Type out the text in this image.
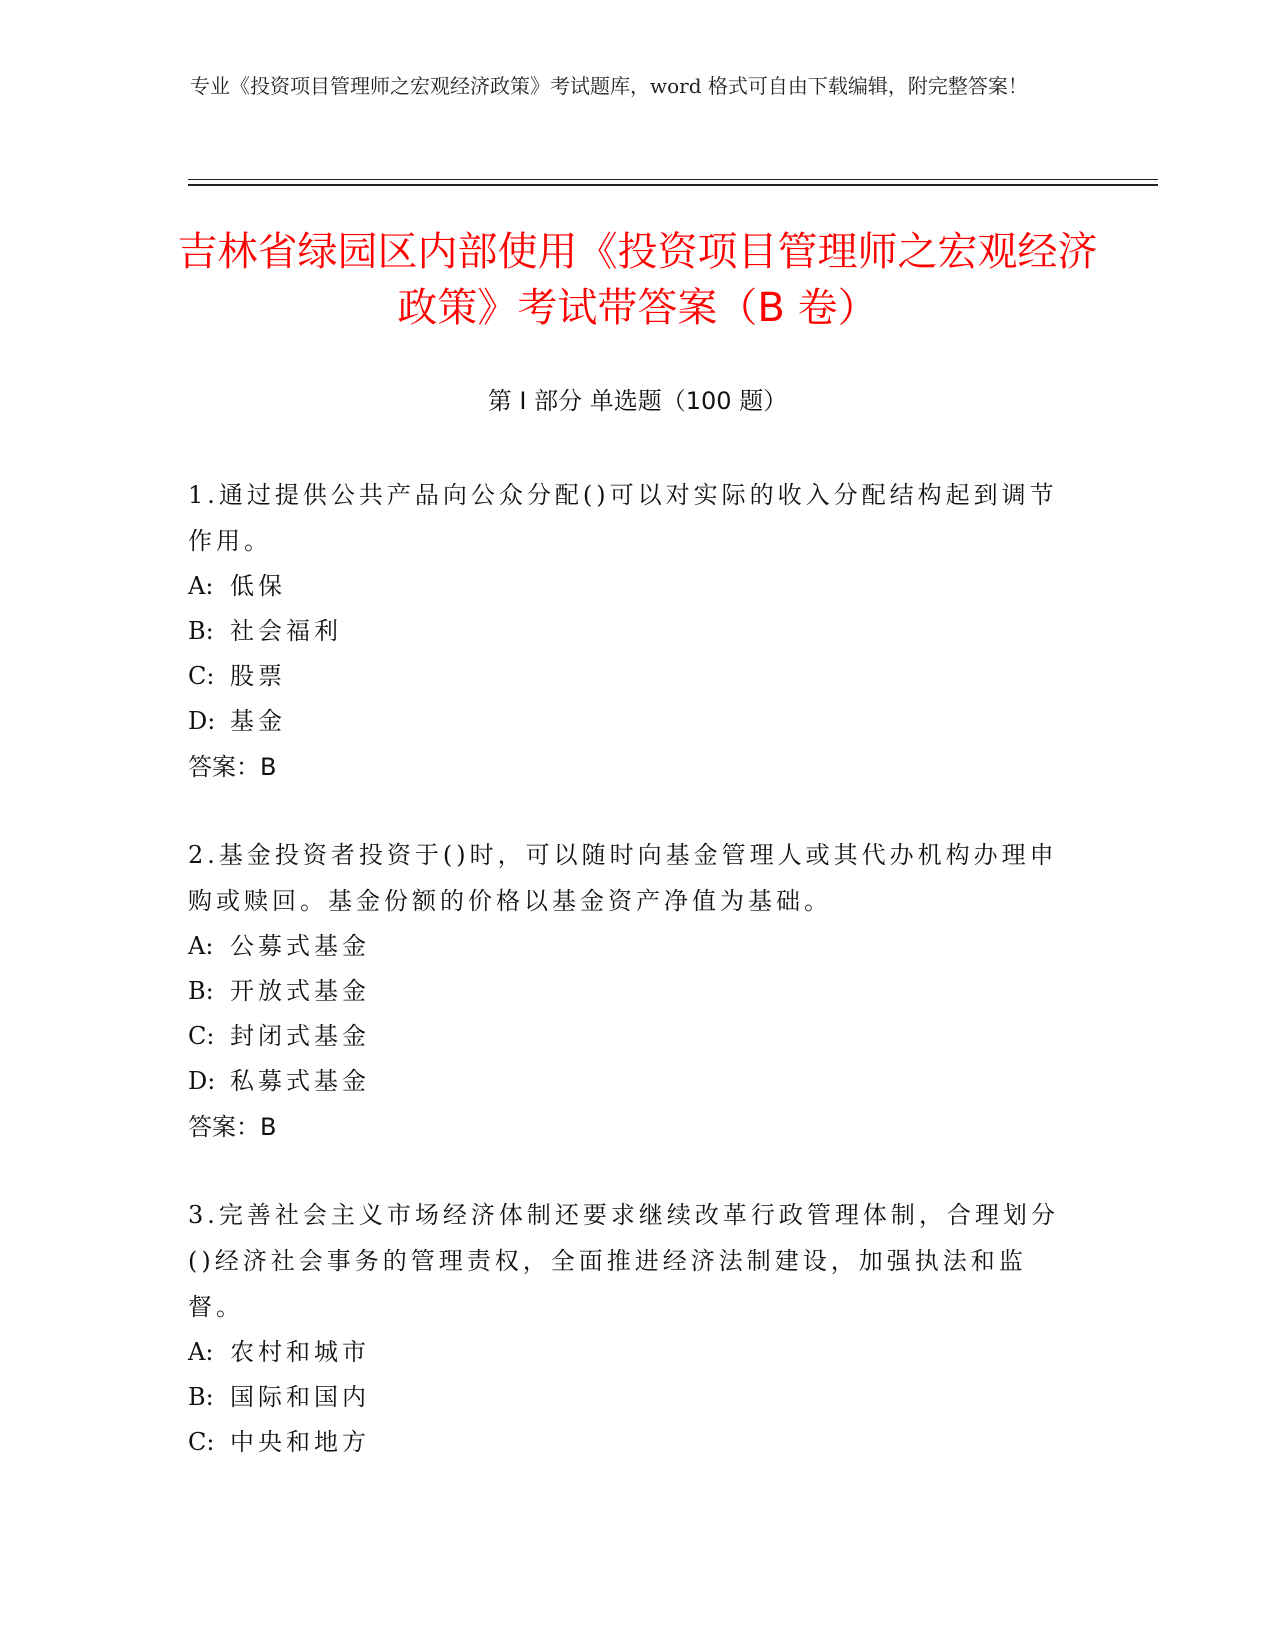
专业《投资项目管理师之宏观经济政策》考试题库，word 格式可自由下载编辑，附完整答案！
吉林省绿园区内部使用《投资项目管理师之宏观经济政策》考试带答案（B 卷）
第 I 部分 单选题（100 题）
1.通过提供公共产品向公众分配()可以对实际的收入分配结构起到调节作用。
A: 低保
B: 社会福利
C: 股票
D: 基金
答案：B
2.基金投资者投资于()时，可以随时向基金管理人或其代办机构办理申购或赎回。基金份额的价格以基金资产净值为基础。
A: 公募式基金
B: 开放式基金
C: 封闭式基金
D: 私募式基金
答案：B
3.完善社会主义市场经济体制还要求继续改革行政管理体制，合理划分()经济社会事务的管理责权，全面推进经济法制建设，加强执法和监督。
A: 农村和城市
B: 国际和国内
C: 中央和地方
